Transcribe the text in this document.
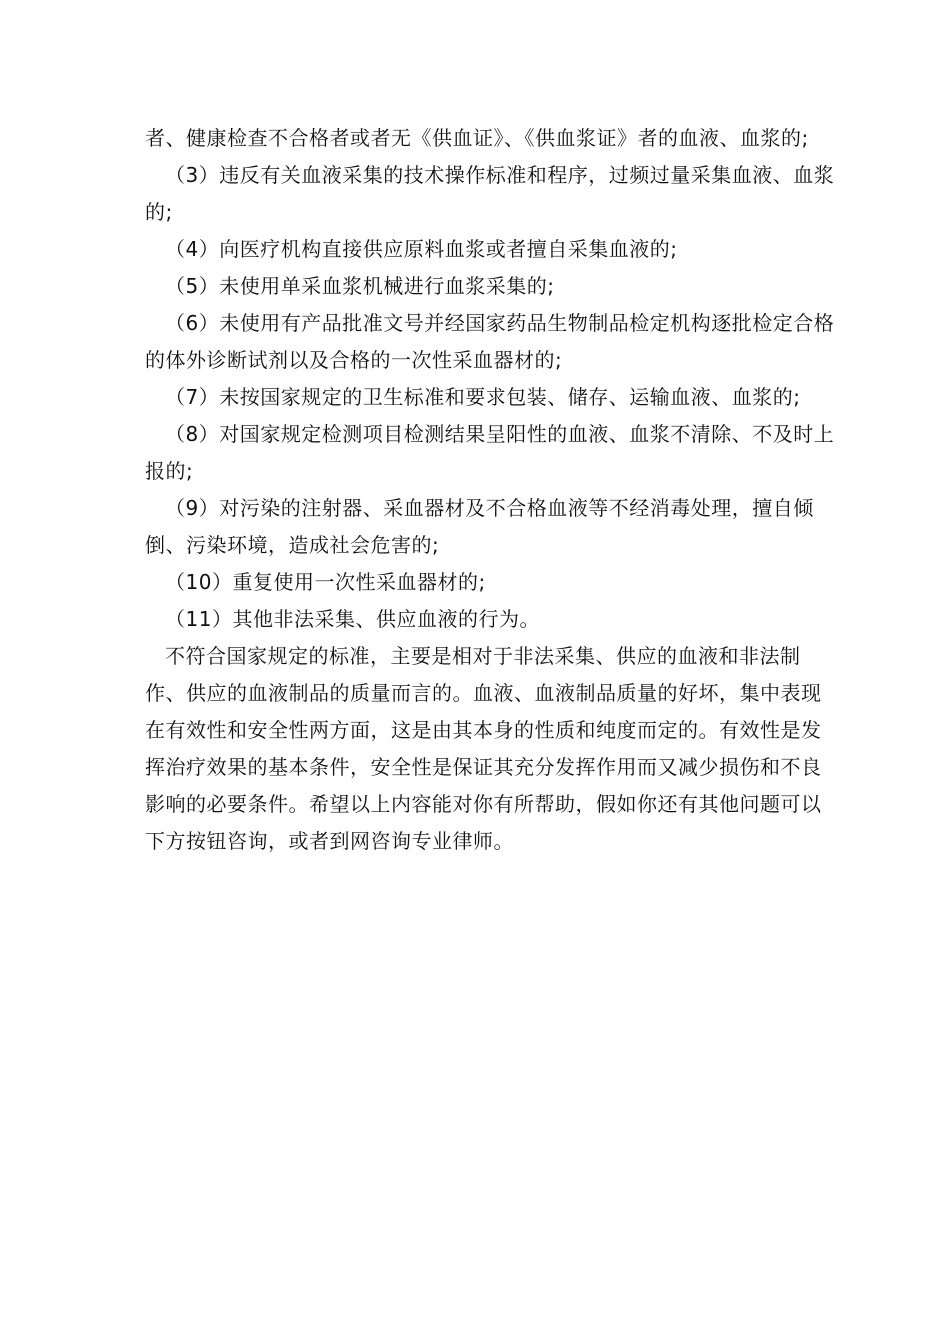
者、健康检查不合格者或者无《供血证》、《供血浆证》者的血液、血浆的;

（3）违反有关血液采集的技术操作标准和程序，过频过量采集血液、血浆的;

（4）向医疗机构直接供应原料血浆或者擅自采集血液的;

（5）未使用单采血浆机械进行血浆采集的;

（6）未使用有产品批准文号并经国家药品生物制品检定机构逐批检定合格的体外诊断试剂以及合格的一次性采血器材的;

（7）未按国家规定的卫生标准和要求包装、储存、运输血液、血浆的;

（8）对国家规定检测项目检测结果呈阳性的血液、血浆不清除、不及时上报的;

（9）对污染的注射器、采血器材及不合格血液等不经消毒处理，擅自倾倒、污染环境，造成社会危害的;

（10）重复使用一次性采血器材的;

（11）其他非法采集、供应血液的行为。

不符合国家规定的标准，主要是相对于非法采集、供应的血液和非法制作、供应的血液制品的质量而言的。血液、血液制品质量的好坏，集中表现在有效性和安全性两方面，这是由其本身的性质和纯度而定的。有效性是发挥治疗效果的基本条件，安全性是保证其充分发挥作用而又减少损伤和不良影响的必要条件。希望以上内容能对你有所帮助，假如你还有其他问题可以下方按钮咨询，或者到网咨询专业律师。
